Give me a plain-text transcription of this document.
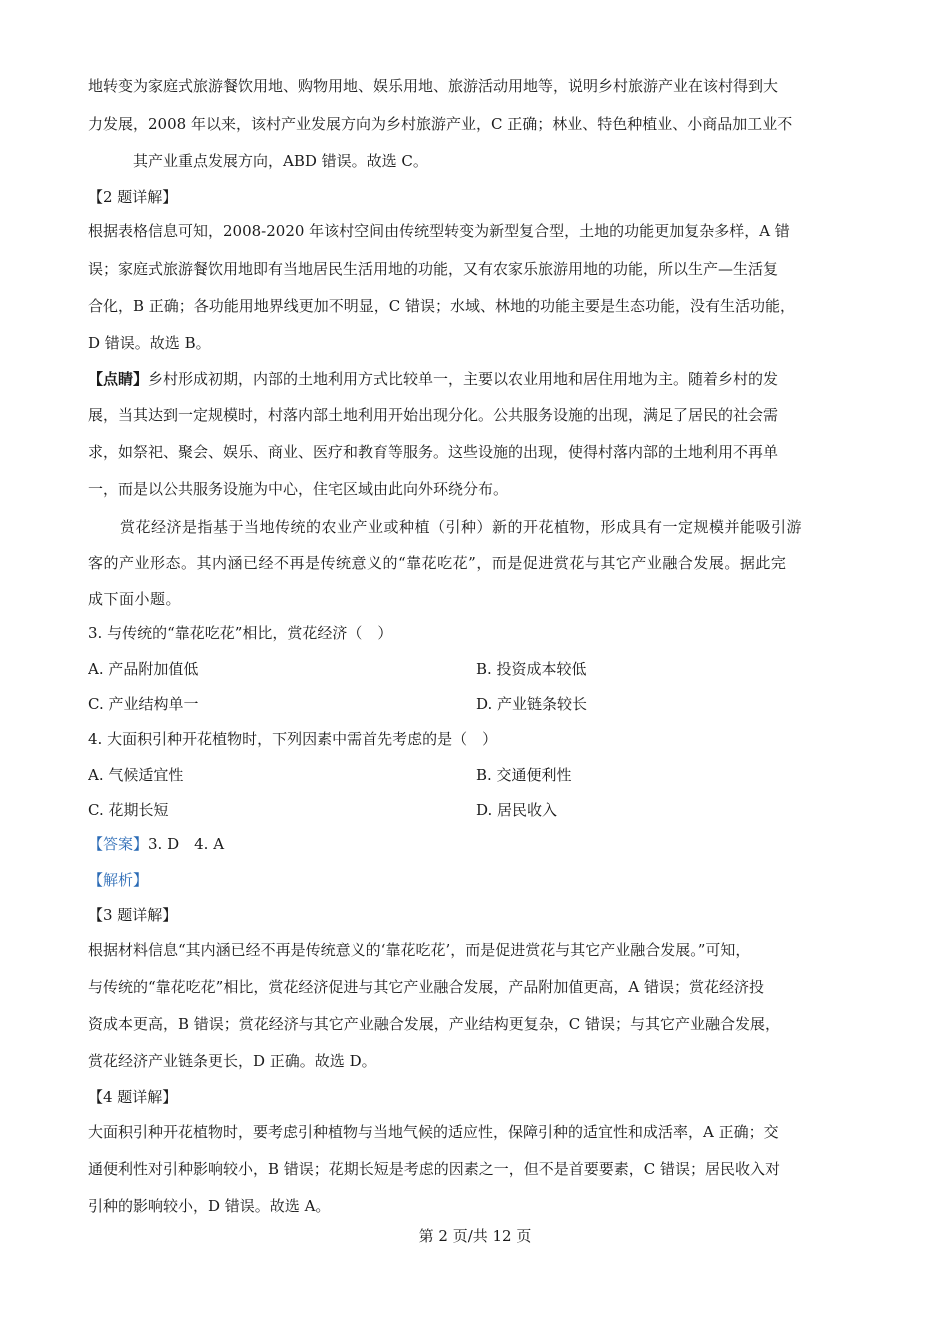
地转变为家庭式旅游餐饮用地、购物用地、娱乐用地、旅游活动用地等，说明乡村旅游产业在该村得到大
力发展，2008 年以来，该村产业发展方向为乡村旅游产业，C 正确；林业、特色种植业、小商品加工业不
其产业重点发展方向，ABD 错误。故选 C。
【2 题详解】
根据表格信息可知，2008-2020 年该村空间由传统型转变为新型复合型，土地的功能更加复杂多样，A 错
误；家庭式旅游餐饮用地即有当地居民生活用地的功能，又有农家乐旅游用地的功能，所以生产—生活复
合化，B 正确；各功能用地界线更加不明显，C 错误；水域、林地的功能主要是生态功能，没有生活功能，
D 错误。故选 B。
【点睛】乡村形成初期，内部的土地利用方式比较单一，主要以农业用地和居住用地为主。随着乡村的发
展，当其达到一定规模时，村落内部土地利用开始出现分化。公共服务设施的出现，满足了居民的社会需
求，如祭祀、聚会、娱乐、商业、医疗和教育等服务。这些设施的出现，使得村落内部的土地利用不再单
一，而是以公共服务设施为中心，住宅区域由此向外环绕分布。
赏花经济是指基于当地传统的农业产业或种植（引种）新的开花植物，形成具有一定规模并能吸引游
客的产业形态。其内涵已经不再是传统意义的“靠花吃花”，而是促进赏花与其它产业融合发展。据此完
成下面小题。
3. 与传统的“靠花吃花”相比，赏花经济（　）
A. 产品附加值低	B. 投资成本较低
C. 产业结构单一	D. 产业链条较长
4. 大面积引种开花植物时，下列因素中需首先考虑的是（　）
A. 气候适宜性	B. 交通便利性
C. 花期长短	D. 居民收入
【答案】3. D　4. A
【解析】
【3 题详解】
根据材料信息“其内涵已经不再是传统意义的‘靠花吃花’，而是促进赏花与其它产业融合发展。”可知，
与传统的“靠花吃花”相比，赏花经济促进与其它产业融合发展，产品附加值更高，A 错误；赏花经济投
资成本更高，B 错误；赏花经济与其它产业融合发展，产业结构更复杂，C 错误；与其它产业融合发展，
赏花经济产业链条更长，D 正确。故选 D。
【4 题详解】
大面积引种开花植物时，要考虑引种植物与当地气候的适应性，保障引种的适宜性和成活率，A 正确；交
通便利性对引种影响较小，B 错误；花期长短是考虑的因素之一，但不是首要要素，C 错误；居民收入对
引种的影响较小，D 错误。故选 A。
第 2 页/共 12 页
